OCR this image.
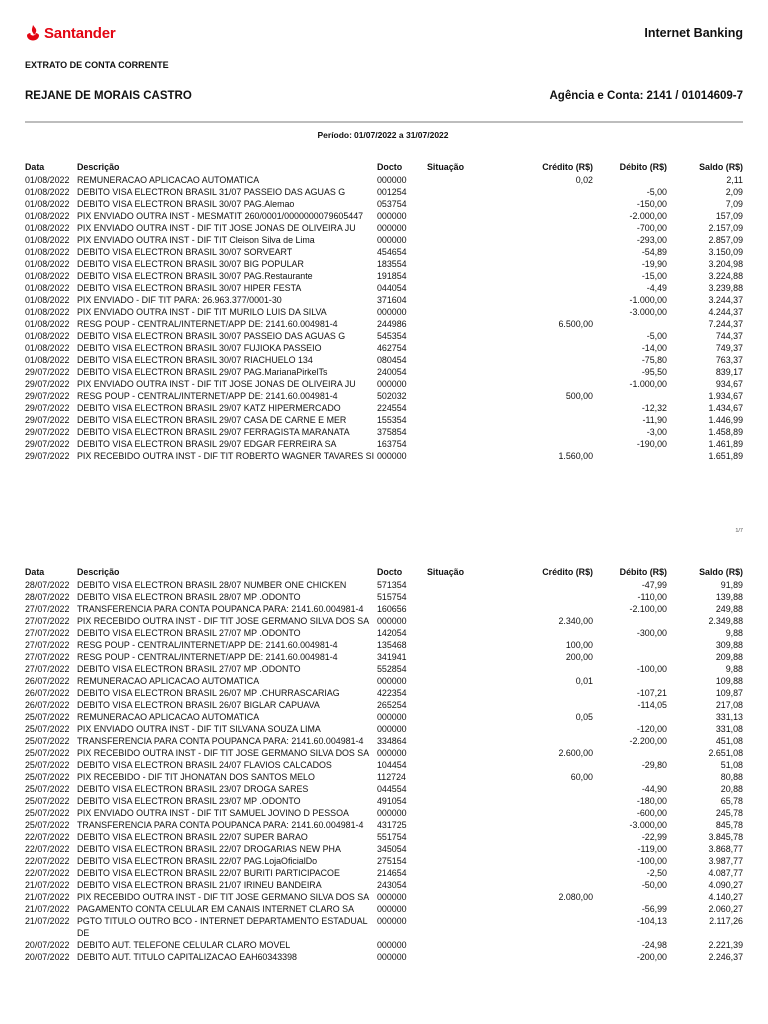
Santander	Internet Banking
EXTRATO DE CONTA CORRENTE
REJANE DE MORAIS CASTRO	Agência e Conta: 2141 / 01014609-7
Período: 01/07/2022 a 31/07/2022
Data	Descrição	Docto	Situação	Crédito (R$)	Débito (R$)	Saldo (R$)
01/08/2022 REMUNERACAO APLICACAO AUTOMATICA	000000	0,02	2,11
01/08/2022 DEBITO VISA ELECTRON BRASIL 31/07 PASSEIO DAS AGUAS G	001254	-5,00	2,09
01/08/2022 DEBITO VISA ELECTRON BRASIL 30/07 PAG.Alemao	053754	-150,00	7,09
01/08/2022 PIX ENVIADO OUTRA INST - MESMATIT 260/0001/0000000079605447	000000	-2.000,00	157,09
01/08/2022 PIX ENVIADO OUTRA INST - DIF TIT JOSE JONAS DE OLIVEIRA JU	000000	-700,00	2.157,09
01/08/2022 PIX ENVIADO OUTRA INST - DIF TIT Cleison Silva de Lima	000000	-293,00	2.857,09
01/08/2022 DEBITO VISA ELECTRON BRASIL 30/07 SORVEART	454654	-54,89	3.150,09
01/08/2022 DEBITO VISA ELECTRON BRASIL 30/07 BIG POPULAR	183554	-19,90	3.204,98
01/08/2022 DEBITO VISA ELECTRON BRASIL 30/07 PAG.Restaurante	191854	-15,00	3.224,88
01/08/2022 DEBITO VISA ELECTRON BRASIL 30/07 HIPER FESTA	044054	-4,49	3.239,88
01/08/2022 PIX ENVIADO - DIF TIT PARA: 26.963.377/0001-30	371604	-1.000,00	3.244,37
01/08/2022 PIX ENVIADO OUTRA INST - DIF TIT MURILO LUIS DA SILVA	000000	-3.000,00	4.244,37
01/08/2022 RESG POUP - CENTRAL/INTERNET/APP DE: 2141.60.004981-4	244986	6.500,00	7.244,37
01/08/2022 DEBITO VISA ELECTRON BRASIL 30/07 PASSEIO DAS AGUAS G	545354	-5,00	744,37
01/08/2022 DEBITO VISA ELECTRON BRASIL 30/07 FUJIOKA PASSEIO	462754	-14,00	749,37
01/08/2022 DEBITO VISA ELECTRON BRASIL 30/07 RIACHUELO 134	080454	-75,80	763,37
29/07/2022 DEBITO VISA ELECTRON BRASIL 29/07 PAG.MarianaPirkelTs	240054	-95,50	839,17
29/07/2022 PIX ENVIADO OUTRA INST - DIF TIT JOSE JONAS DE OLIVEIRA JU	000000	-1.000,00	934,67
29/07/2022 RESG POUP - CENTRAL/INTERNET/APP DE: 2141.60.004981-4	502032	500,00	1.934,67
29/07/2022 DEBITO VISA ELECTRON BRASIL 29/07 KATZ HIPERMERCADO	224554	-12,32	1.434,67
29/07/2022 DEBITO VISA ELECTRON BRASIL 29/07 CASA DE CARNE E MER	155354	-11,90	1.446,99
29/07/2022 DEBITO VISA ELECTRON BRASIL 29/07 FERRAGISTA MARANATA	375854	-3,00	1.458,89
29/07/2022 DEBITO VISA ELECTRON BRASIL 29/07 EDGAR FERREIRA SA	163754	-190,00	1.461,89
29/07/2022 PIX RECEBIDO OUTRA INST - DIF TIT ROBERTO WAGNER TAVARES SI 000000	1.560,00	1.651,89
1/7
Data	Descrição	Docto	Situação	Crédito (R$)	Débito (R$)	Saldo (R$)
28/07/2022 DEBITO VISA ELECTRON BRASIL 28/07 NUMBER ONE CHICKEN	571354	-47,99	91,89
28/07/2022 DEBITO VISA ELECTRON BRASIL 28/07 MP .ODONTO	515754	-110,00	139,88
27/07/2022 TRANSFERENCIA PARA CONTA POUPANCA PARA: 2141.60.004981-4	160656	-2.100,00	249,88
27/07/2022 PIX RECEBIDO OUTRA INST - DIF TIT JOSE GERMANO SILVA DOS SA 000000	2.340,00	2.349,88
27/07/2022 DEBITO VISA ELECTRON BRASIL 27/07 MP .ODONTO	142054	-300,00	9,88
27/07/2022 RESG POUP - CENTRAL/INTERNET/APP DE: 2141.60.004981-4	135468	100,00	309,88
27/07/2022 RESG POUP - CENTRAL/INTERNET/APP DE: 2141.60.004981-4	341941	200,00	209,88
27/07/2022 DEBITO VISA ELECTRON BRASIL 27/07 MP .ODONTO	552854	-100,00	9,88
26/07/2022 REMUNERACAO APLICACAO AUTOMATICA	000000	0,01	109,88
26/07/2022 DEBITO VISA ELECTRON BRASIL 26/07 MP .CHURRASCARIAG	422354	-107,21	109,87
26/07/2022 DEBITO VISA ELECTRON BRASIL 26/07 BIGLAR CAPUAVA	265254	-114,05	217,08
25/07/2022 REMUNERACAO APLICACAO AUTOMATICA	000000	0,05	331,13
25/07/2022 PIX ENVIADO OUTRA INST - DIF TIT SILVANA SOUZA LIMA	000000	-120,00	331,08
25/07/2022 TRANSFERENCIA PARA CONTA POUPANCA PARA: 2141.60.004981-4	334864	-2.200,00	451,08
25/07/2022 PIX RECEBIDO OUTRA INST - DIF TIT JOSE GERMANO SILVA DOS SA 000000	2.600,00	2.651,08
25/07/2022 DEBITO VISA ELECTRON BRASIL 24/07 FLAVIOS CALCADOS	104454	-29,80	51,08
25/07/2022 PIX RECEBIDO - DIF TIT JHONATAN DOS SANTOS MELO	112724	60,00	80,88
25/07/2022 DEBITO VISA ELECTRON BRASIL 23/07 DROGA SARES	044554	-44,90	20,88
25/07/2022 DEBITO VISA ELECTRON BRASIL 23/07 MP .ODONTO	491054	-180,00	65,78
25/07/2022 PIX ENVIADO OUTRA INST - DIF TIT SAMUEL JOVINO D PESSOA	000000	-600,00	245,78
25/07/2022 TRANSFERENCIA PARA CONTA POUPANCA PARA: 2141.60.004981-4	431725	-3.000,00	845,78
22/07/2022 DEBITO VISA ELECTRON BRASIL 22/07 SUPER BARAO	551754	-22,99	3.845,78
22/07/2022 DEBITO VISA ELECTRON BRASIL 22/07 DROGARIAS NEW PHA	345054	-119,00	3.868,77
22/07/2022 DEBITO VISA ELECTRON BRASIL 22/07 PAG.LojaOficialDo	275154	-100,00	3.987,77
22/07/2022 DEBITO VISA ELECTRON BRASIL 22/07 BURITI PARTICIPACOE	214654	-2,50	4.087,77
21/07/2022 DEBITO VISA ELECTRON BRASIL 21/07 IRINEU BANDEIRA	243054	-50,00	4.090,27
21/07/2022 PIX RECEBIDO OUTRA INST - DIF TIT JOSE GERMANO SILVA DOS SA 000000	2.080,00	4.140,27
21/07/2022 PAGAMENTO CONTA CELULAR EM CANAIS INTERNET CLARO SA	000000	-56,99	2.060,27
21/07/2022 PGTO TITULO OUTRO BCO - INTERNET DEPARTAMENTO ESTADUAL DE
000000	-104,13	2.117,26
20/07/2022 DEBITO AUT. TELEFONE CELULAR CLARO MOVEL	000000	-24,98	2.221,39
20/07/2022 DEBITO AUT. TITULO CAPITALIZACAO EAH60343398	000000	-200,00	2.246,37
